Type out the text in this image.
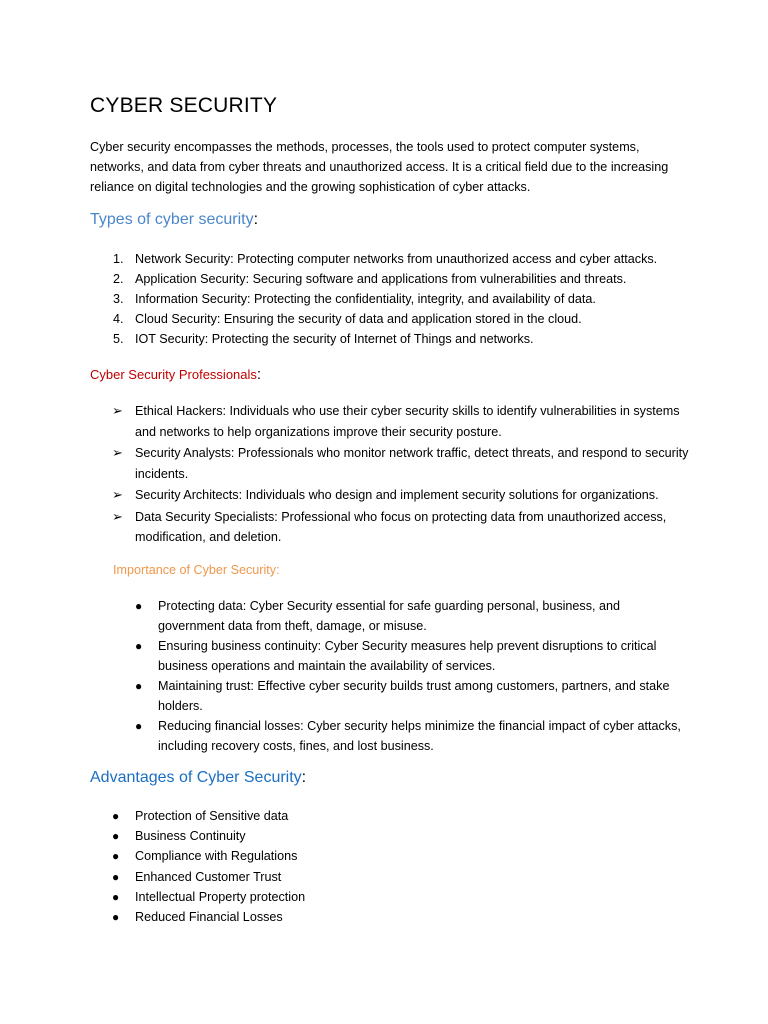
CYBER SECURITY

Cyber security encompasses the methods, processes, the tools used to protect computer systems, networks, and data from cyber threats and unauthorized access. It is a critical field due to the increasing reliance on digital technologies and the growing sophistication of cyber attacks.

Types of cyber security:
1. Network Security: Protecting computer networks from unauthorized access and cyber attacks.
2. Application Security: Securing software and applications from vulnerabilities and threats.
3. Information Security: Protecting the confidentiality, integrity, and availability of data.
4. Cloud Security: Ensuring the security of data and application stored in the cloud.
5. IOT Security: Protecting the security of Internet of Things and networks.
Cyber Security Professionals:
➢ Ethical Hackers: Individuals who use their cyber security skills to identify vulnerabilities in systems and networks to help organizations improve their security posture.
➢ Security Analysts: Professionals who monitor network traffic, detect threats, and respond to security incidents.
➢ Security Architects: Individuals who design and implement security solutions for organizations.
➢ Data Security Specialists: Professional who focus on protecting data from unauthorized access, modification, and deletion.
Importance of Cyber Security:
● Protecting data: Cyber Security essential for safe guarding personal, business, and government data from theft, damage, or misuse.
● Ensuring business continuity: Cyber Security measures help prevent disruptions to critical business operations and maintain the availability of services.
● Maintaining trust: Effective cyber security builds trust among customers, partners, and stake holders.
● Reducing financial losses: Cyber security helps minimize the financial impact of cyber attacks, including recovery costs, fines, and lost business.
Advantages of Cyber Security:
● Protection of Sensitive data
● Business Continuity
● Compliance with Regulations
● Enhanced Customer Trust
● Intellectual Property protection
● Reduced Financial Losses
